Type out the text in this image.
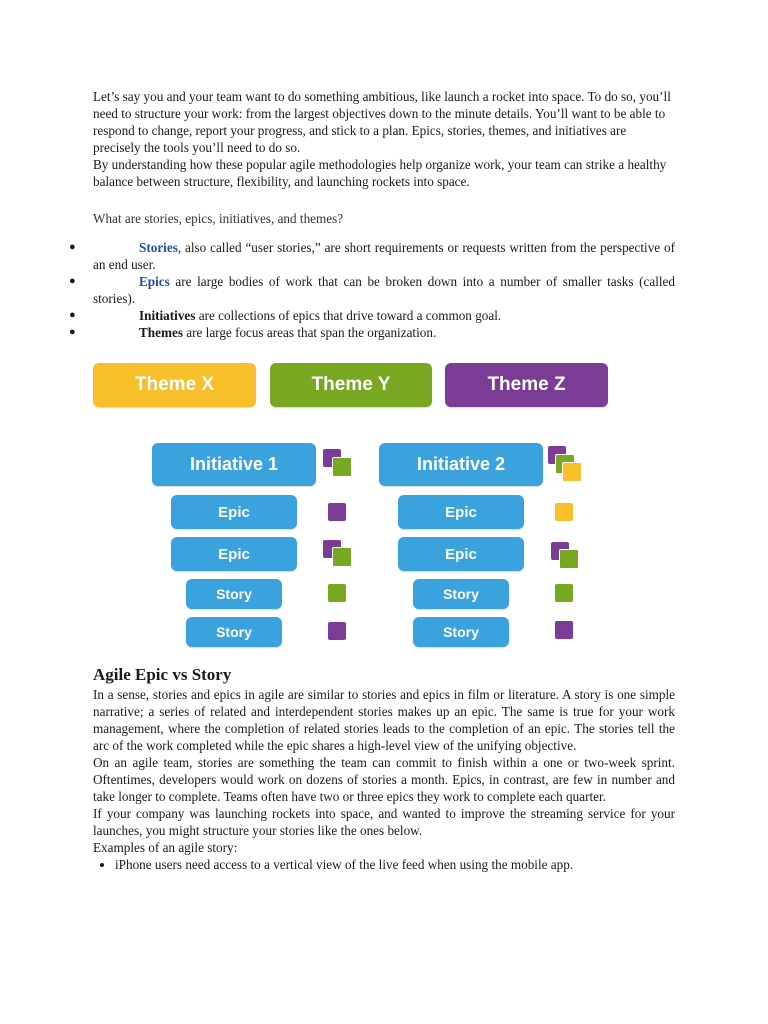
Let’s say you and your team want to do something ambitious, like launch a rocket into space. To do so, you’ll need to structure your work: from the largest objectives down to the minute details. You’ll want to be able to respond to change, report your progress, and stick to a plan. Epics, stories, themes, and initiatives are precisely the tools you’ll need to do so.

By understanding how these popular agile methodologies help organize work, your team can strike a healthy balance between structure, flexibility, and launching rockets into space.

What are stories, epics, initiatives, and themes?

●	Stories, also called “user stories,” are short requirements or requests written from the perspective of an end user.
●	Epics are large bodies of work that can be broken down into a number of smaller tasks (called stories).
●	Initiatives are collections of epics that drive toward a common goal.
●	Themes are large focus areas that span the organization.
Theme X	Theme Y	Theme Z
Initiative 1
Epic
Epic
Story
Story
Initiative 2
Epic
Epic
Story
Story
Agile Epic vs Story

In a sense, stories and epics in agile are similar to stories and epics in film or literature. A story is one simple narrative; a series of related and interdependent stories makes up an epic. The same is true for your work management, where the completion of related stories leads to the completion of an epic. The stories tell the arc of the work completed while the epic shares a high-level view of the unifying objective.

On an agile team, stories are something the team can commit to finish within a one or two-week sprint. Oftentimes, developers would work on dozens of stories a month. Epics, in contrast, are few in number and take longer to complete. Teams often have two or three epics they work to complete each quarter.

If your company was launching rockets into space, and wanted to improve the streaming service for your launches, you might structure your stories like the ones below.

Examples of an agile story:

• iPhone users need access to a vertical view of the live feed when using the mobile app.
